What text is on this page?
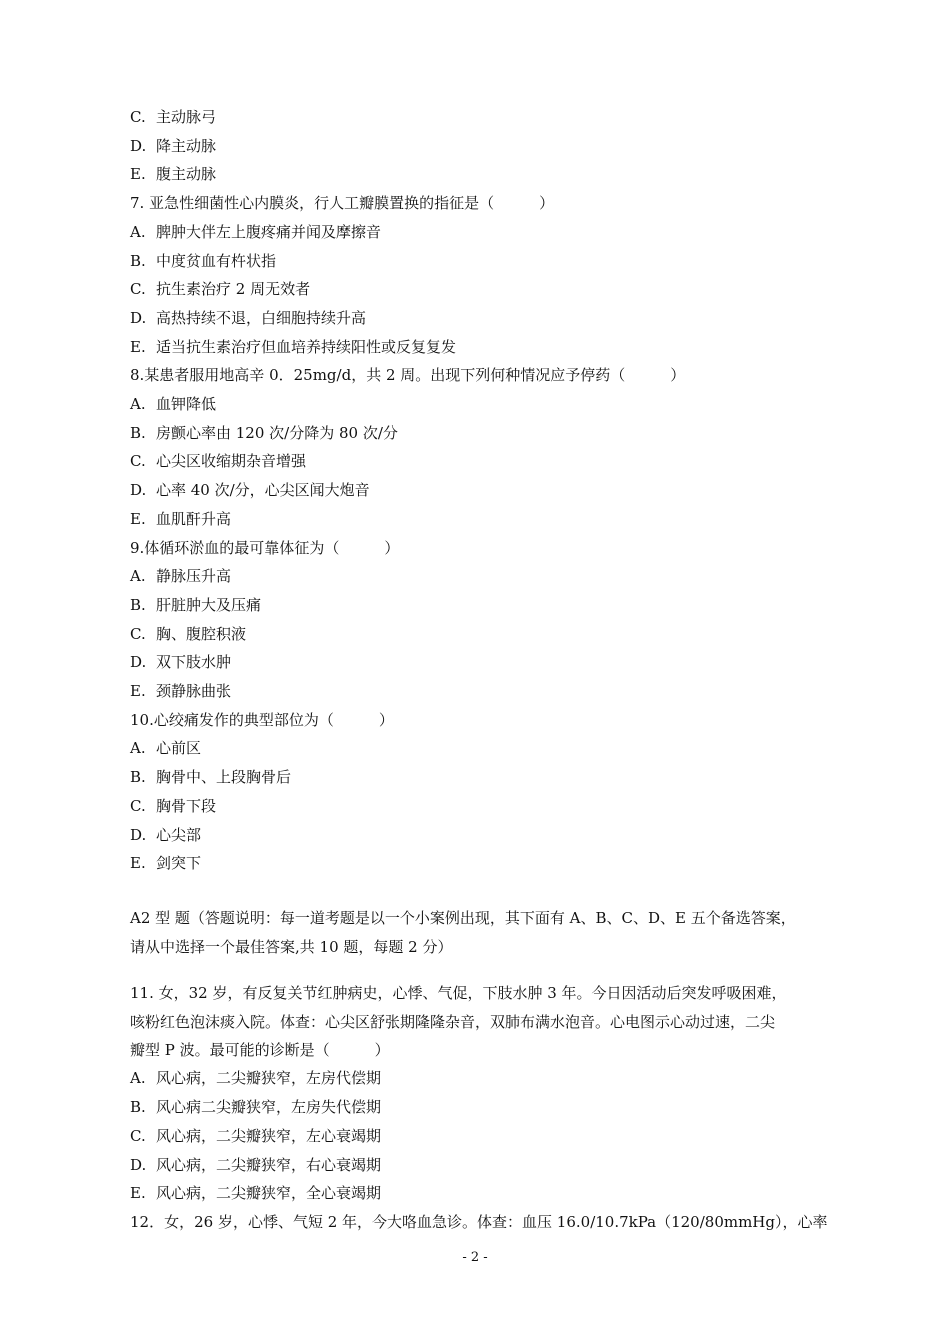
C. 主动脉弓
D. 降主动脉
E. 腹主动脉
7. 亚急性细菌性心内膜炎，行人工瓣膜置换的指征是（　　　）
A. 脾肿大伴左上腹疼痛并闻及摩擦音
B. 中度贫血有杵状指
C. 抗生素治疗 2 周无效者
D. 高热持续不退，白细胞持续升高
E. 适当抗生素治疗但血培养持续阳性或反复复发
8.某患者服用地高辛 0．25mg/d，共 2 周。出现下列何种情况应予停药（　　　）
A. 血钾降低
B. 房颤心率由 120 次/分降为 80 次/分
C. 心尖区收缩期杂音增强
D. 心率 40 次/分，心尖区闻大炮音
E. 血肌酐升高
9.体循环淤血的最可靠体征为（　　　）
A. 静脉压升高
B. 肝脏肿大及压痛
C. 胸、腹腔积液
D. 双下肢水肿
E. 颈静脉曲张
10.心绞痛发作的典型部位为（　　　）
A. 心前区
B. 胸骨中、上段胸骨后
C. 胸骨下段
D. 心尖部
E. 剑突下
A2 型 题（答题说明：每一道考题是以一个小案例出现，其下面有 A、B、C、D、E 五个备选答案，
请从中选择一个最佳答案,共 10 题，每题 2 分）
11. 女，32 岁，有反复关节红肿病史，心悸、气促，下肢水肿 3 年。今日因活动后突发呼吸困难，
咳粉红色泡沫痰入院。体查：心尖区舒张期隆隆杂音，双肺布满水泡音。心电图示心动过速，二尖
瓣型 P 波。最可能的诊断是（　　　）
A. 风心病，二尖瓣狭窄，左房代偿期
B. 风心病二尖瓣狭窄，左房失代偿期
C. 风心病，二尖瓣狭窄，左心衰竭期
D. 风心病，二尖瓣狭窄，右心衰竭期
E. 风心病，二尖瓣狭窄，全心衰竭期
12．女，26 岁，心悸、气短 2 年，今大咯血急诊。体查：血压 16.0/10.7kPa（120/80mmHg），心率
- 2 -
